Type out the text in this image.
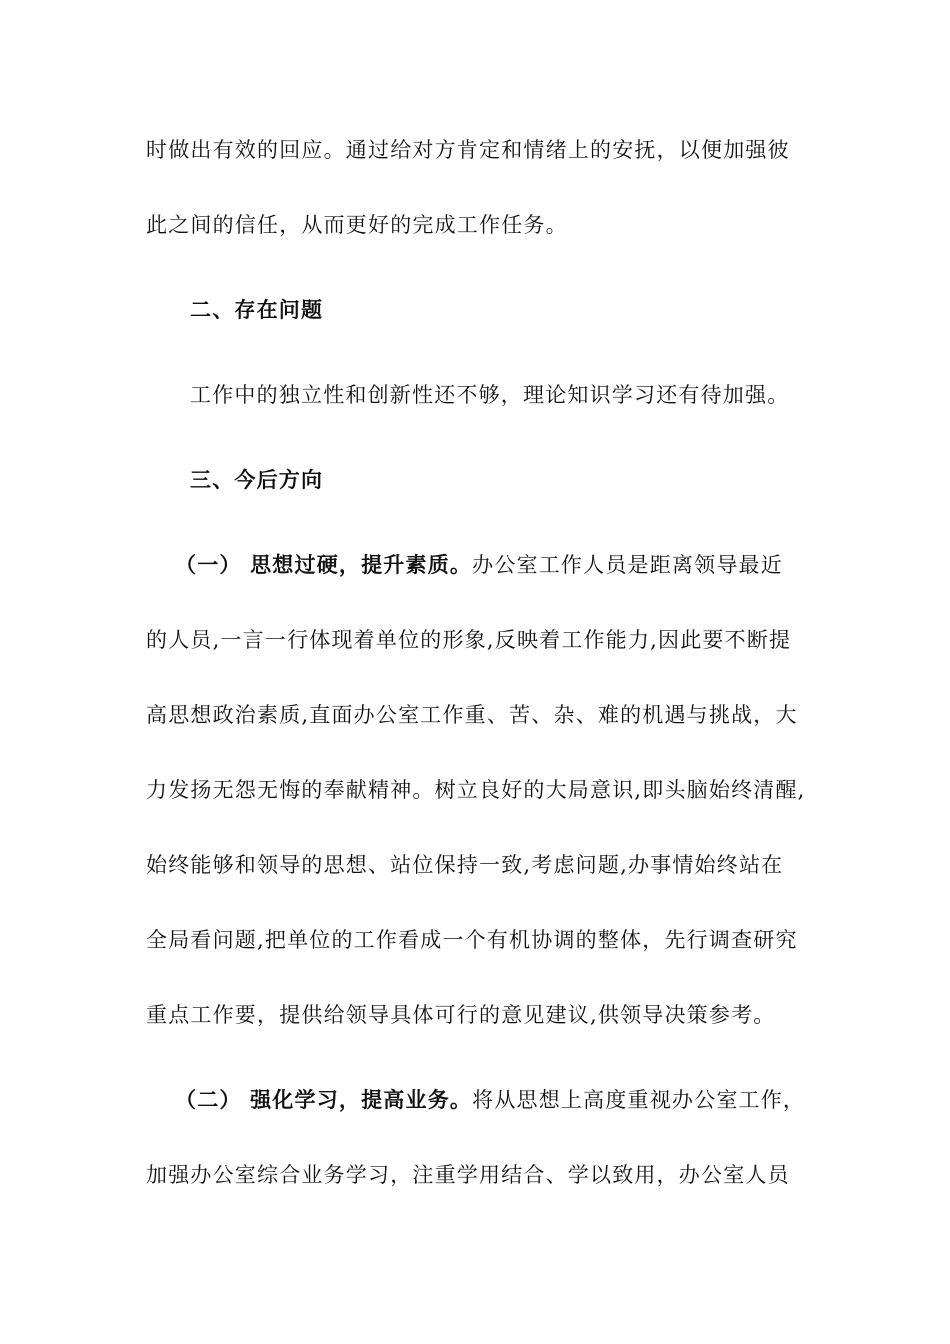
时做出有效的回应。通过给对方肯定和情绪上的安抚，以便加强彼
此之间的信任，从而更好的完成工作任务。
二、存在问题
工作中的独立性和创新性还不够，理论知识学习还有待加强。
三、今后方向
（一） 思想过硬，提升素质。办公室工作人员是距离领导最近
的人员,一言一行体现着单位的形象,反映着工作能力,因此要不断提
高思想政治素质,直面办公室工作重、苦、杂、难的机遇与挑战，大
力发扬无怨无悔的奉献精神。树立良好的大局意识,即头脑始终清醒,
始终能够和领导的思想、站位保持一致,考虑问题,办事情始终站在
全局看问题,把单位的工作看成一个有机协调的整体，先行调查研究
重点工作要，提供给领导具体可行的意见建议,供领导决策参考。
（二） 强化学习，提高业务。将从思想上高度重视办公室工作，
加强办公室综合业务学习，注重学用结合、学以致用，办公室人员
